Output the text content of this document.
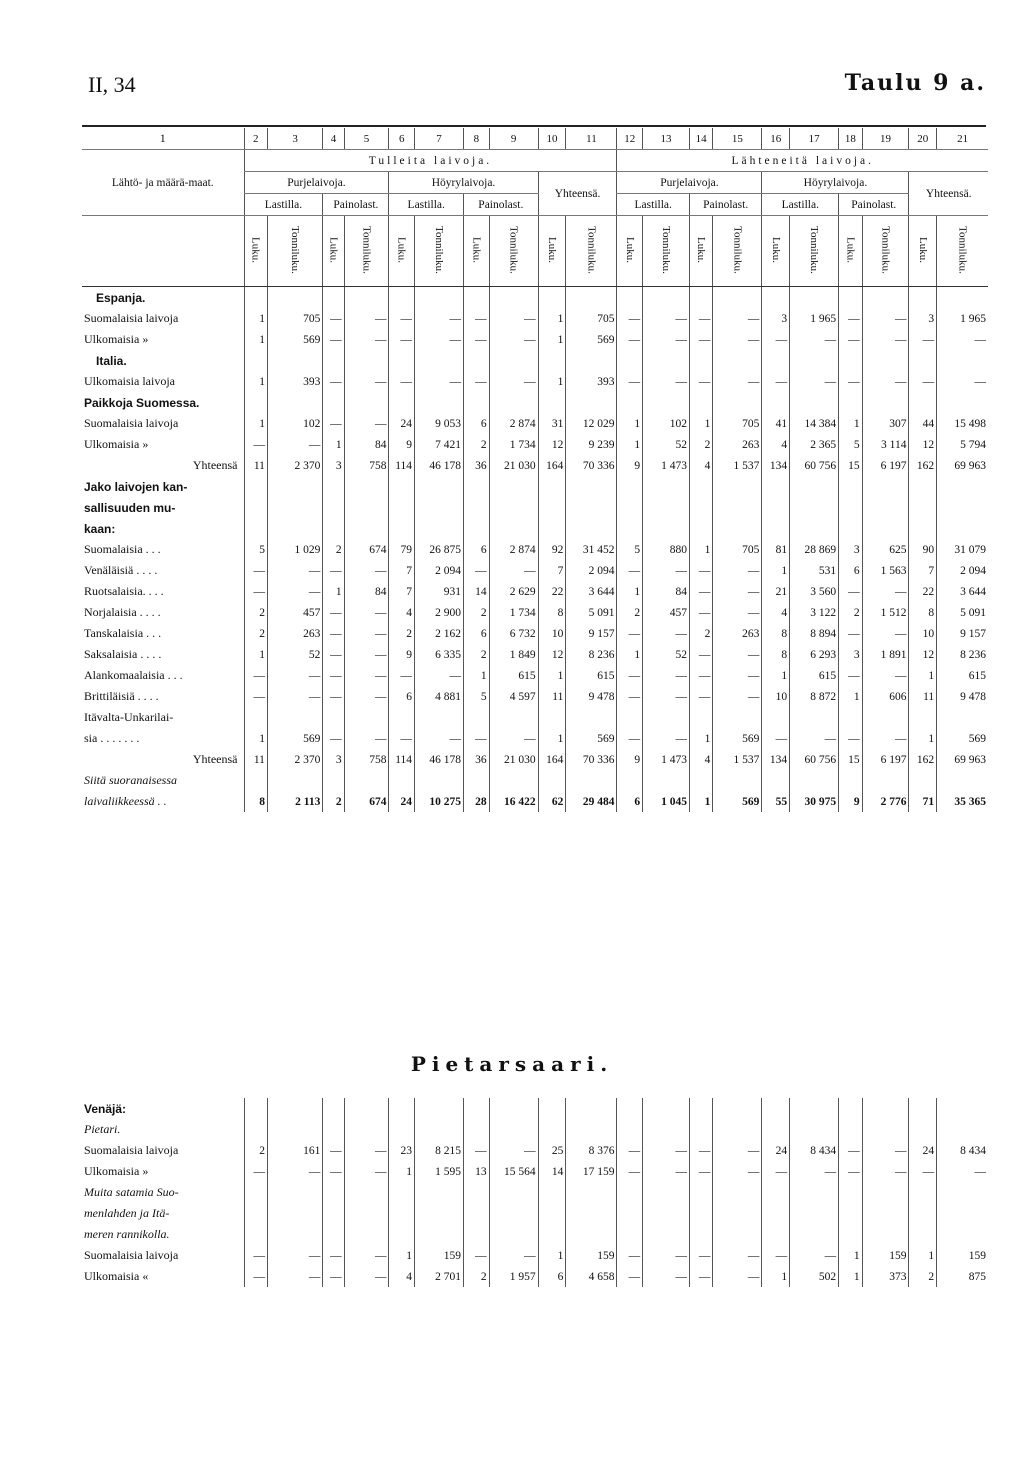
II, 34	Taulu 9 a.
1	2	3	4	5	6	7	8	9	10	11	12	13	14	15	16	17	18	19	20	21
Lähtö- ja määrä-maat.	Tulleita laivoja.										Lähteneitä laivoja.									
	Purjelaivoja.				Höyrylaivoja.				Yhteensä.		Purjelaivoja.				Höyrylaivoja.				Yhteensä.	
	Lastilla.		Painolast.		Lastilla.		Painolast.				Lastilla.		Painolast.		Lastilla.		Painolast.			
	Luku.	Tonniluku.	Luku.	Tonniluku.	Luku.	Tonniluku.	Luku.	Tonniluku.	Luku.	Tonniluku.	Luku.	Tonniluku.	Luku.	Tonniluku.	Luku.	Tonniluku.	Luku.	Tonniluku.	Luku.	Tonniluku.
Espanja.																				
Suomalaisia laivoja	1	705	—	—	—	—	—	—	1	705	—	—	—	—	3	1 965	—	—	3	1 965
Ulkomaisia »	1	569	—	—	—	—	—	—	1	569	—	—	—	—	—	—	—	—	—	—
Italia.																				
Ulkomaisia laivoja	1	393	—	—	—	—	—	—	1	393	—	—	—	—	—	—	—	—	—	—
Paikkoja Suomessa.																				
Suomalaisia laivoja	1	102	—	—	24	9 053	6	2 874	31	12 029	1	102	1	705	41	14 384	1	307	44	15 498
Ulkomaisia »	—	—	1	84	9	7 421	2	1 734	12	9 239	1	52	2	263	4	2 365	5	3 114	12	5 794
Yhteensä	11	2 370	3	758	114	46 178	36	21 030	164	70 336	9	1 473	4	1 537	134	60 756	15	6 197	162	69 963
Jako laivojen kan-																				
sallisuuden mu-																				
kaan:																				
Suomalaisia . . .	5	1 029	2	674	79	26 875	6	2 874	92	31 452	5	880	1	705	81	28 869	3	625	90	31 079
Venäläisiä . . . .	—	—	—	—	7	2 094	—	—	7	2 094	—	—	—	—	1	531	6	1 563	7	2 094
Ruotsalaisia. . . .	—	—	1	84	7	931	14	2 629	22	3 644	1	84	—	—	21	3 560	—	—	22	3 644
Norjalaisia . . . .	2	457	—	—	4	2 900	2	1 734	8	5 091	2	457	—	—	4	3 122	2	1 512	8	5 091
Tanskalaisia . . .	2	263	—	—	2	2 162	6	6 732	10	9 157	—	—	2	263	8	8 894	—	—	10	9 157
Saksalaisia . . . .	1	52	—	—	9	6 335	2	1 849	12	8 236	1	52	—	—	8	6 293	3	1 891	12	8 236
Alankomaalaisia . . .	—	—	—	—	—	—	1	615	1	615	—	—	—	—	1	615	—	—	1	615
Brittiläisiä . . . .	—	—	—	—	6	4 881	5	4 597	11	9 478	—	—	—	—	10	8 872	1	606	11	9 478
Itävalta-Unkarilai-																				
sia . . . . . . .	1	569	—	—	—	—	—	—	1	569	—	—	1	569	—	—	—	—	1	569
Yhteensä	11	2 370	3	758	114	46 178	36	21 030	164	70 336	9	1 473	4	1 537	134	60 756	15	6 197	162	69 963
Siitä suoranaisessa																				
laivaliikkeessä . .	8	2 113	2	674	24	10 275	28	16 422	62	29 484	6	1 045	1	569	55	30 975	9	2 776	71	35 365
Pietarsaari.
Venäjä:																				
Pietari.																				
Suomalaisia laivoja	2	161	—	—	23	8 215	—	—	25	8 376	—	—	—	—	24	8 434	—	—	24	8 434
Ulkomaisia »	—	—	—	—	1	1 595	13	15 564	14	17 159	—	—	—	—	—	—	—	—	—	—
Muita satamia Suo-																				
menlahden ja Itä-																				
meren rannikolla.																				
Suomalaisia laivoja	—	—	—	—	1	159	—	—	1	159	—	—	—	—	—	—	1	159	1	159
Ulkomaisia «	—	—	—	—	4	2 701	2	1 957	6	4 658	—	—	—	—	1	502	1	373	2	875
